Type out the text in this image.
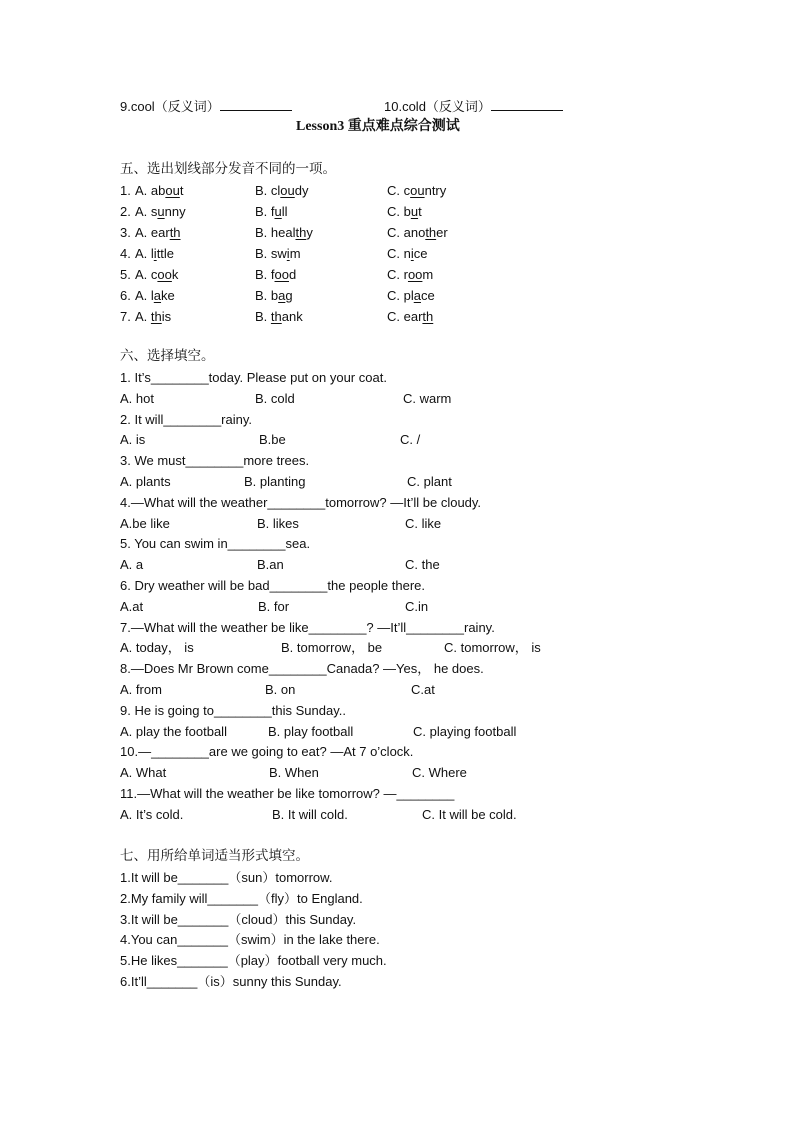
9.cool（反义词）	10.cold（反义词）
Lesson3 重点难点综合测试
五、选出划线部分发音不同的一项。
1. A. about	B. cloudy	C. country
2. A. sunny	B. full	C. but
3. A. earth	B. healthy	C. another
4. A. little	B. swim	C. nice
5. A. cook	B. food	C. room
6. A. lake	B. bag	C. place
7. A. this	B. thank	C. earth
六、选择填空。
1. It’s________today. Please put on your coat.
A. hot	B. cold	C. warm
2. It will________rainy.
A. is	B.be	C. /
3. We must________more trees.
A. plants	B. planting	C. plant
4.—What will the weather________tomorrow? —It’ll be cloudy.
A.be like	B. likes	C. like
5. You can swim in________sea.
A. a	B.an	C. the
6. Dry weather will be bad________the people there.
A.at	B. for	C.in
7.—What will the weather be like________? —It’ll________rainy.
A. today， is	B. tomorrow， be	C. tomorrow， is
8.—Does Mr Brown come________Canada? —Yes， he does.
A. from	B. on	C.at
9. He is going to________this Sunday..
A. play the football	B. play football	C. playing football
10.—________are we going to eat? —At 7 o’clock.
A. What	B. When	C. Where
11.—What will the weather be like tomorrow? —________
A. It’s cold.	B. It will cold.	C. It will be cold.
七、用所给单词适当形式填空。
1.It will be_______（sun）tomorrow.
2.My family will_______（fly）to England.
3.It will be_______（cloud）this Sunday.
4.You can_______（swim）in the lake there.
5.He likes_______（play）football very much.
6.It’ll_______（is）sunny this Sunday.
